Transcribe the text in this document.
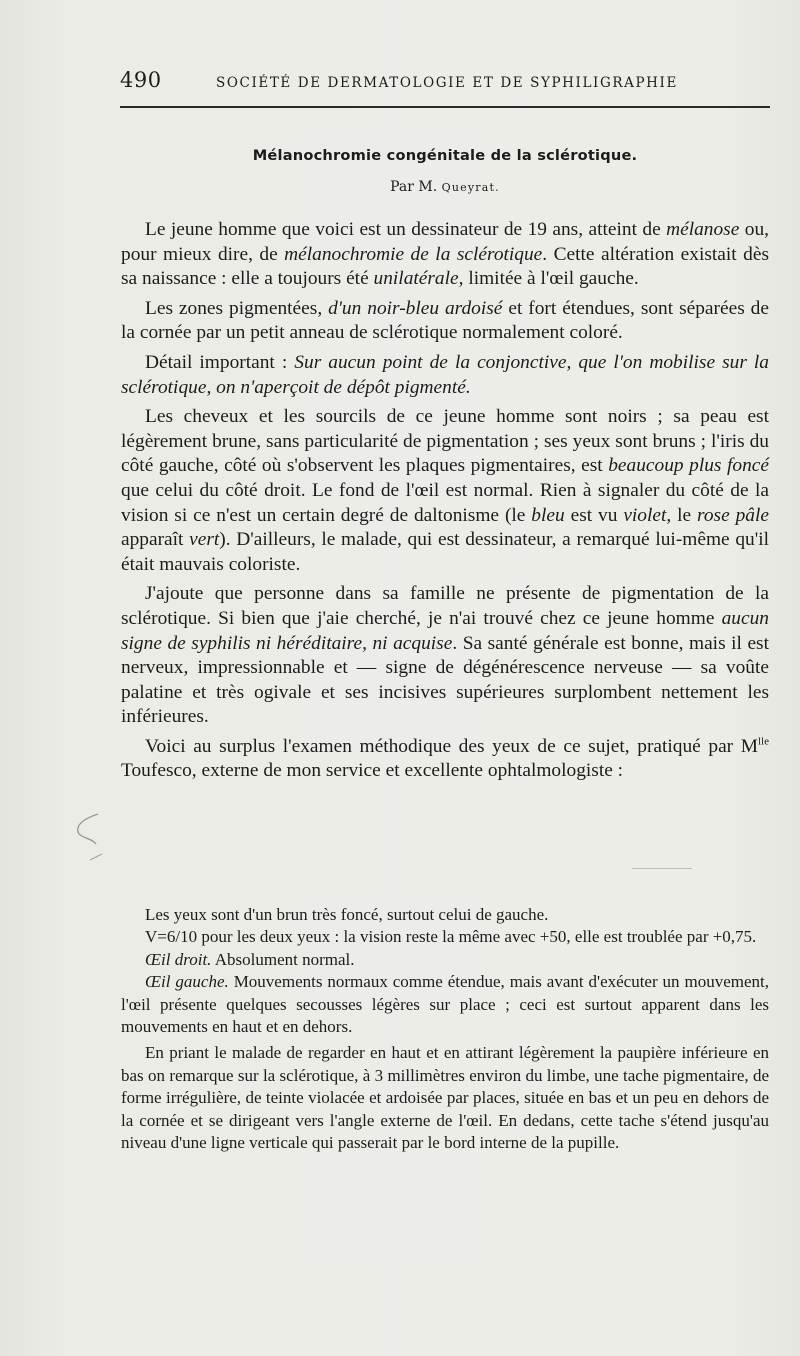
490	SOCIÉTÉ DE DERMATOLOGIE ET DE SYPHILIGRAPHIE
Mélanochromie congénitale de la sclérotique.
Par M. Queyrat.

Le jeune homme que voici est un dessinateur de 19 ans, atteint de mélanose ou, pour mieux dire, de mélanochromie de la sclérotique. Cette altération existait dès sa naissance : elle a toujours été unilatérale, limitée à l'œil gauche.

Les zones pigmentées, d'un noir-bleu ardoisé et fort étendues, sont séparées de la cornée par un petit anneau de sclérotique normalement coloré.

Détail important : Sur aucun point de la conjonctive, que l'on mobilise sur la sclérotique, on n'aperçoit de dépôt pigmenté.

Les cheveux et les sourcils de ce jeune homme sont noirs ; sa peau est légèrement brune, sans particularité de pigmentation ; ses yeux sont bruns ; l'iris du côté gauche, côté où s'observent les plaques pigmentaires, est beaucoup plus foncé que celui du côté droit. Le fond de l'œil est normal. Rien à signaler du côté de la vision si ce n'est un certain degré de daltonisme (le bleu est vu violet, le rose pâle apparaît vert). D'ailleurs, le malade, qui est dessinateur, a remarqué lui-même qu'il était mauvais coloriste.

J'ajoute que personne dans sa famille ne présente de pigmentation de la sclérotique. Si bien que j'aie cherché, je n'ai trouvé chez ce jeune homme aucun signe de syphilis ni héréditaire, ni acquise. Sa santé générale est bonne, mais il est nerveux, impressionnable et — signe de dégénérescence nerveuse — sa voûte palatine et très ogivale et ses incisives supérieures surplombent nettement les inférieures.

Voici au surplus l'examen méthodique des yeux de ce sujet, pratiqué par $M^{lle}$ Toufesco, externe de mon service et excellente ophtalmologiste :

Les yeux sont d'un brun très foncé, surtout celui de gauche.

V=6/10 pour les deux yeux : la vision reste la même avec +50, elle est troublée par +0,75.

Œil droit. Absolument normal.

Œil gauche. Mouvements normaux comme étendue, mais avant d'exécuter un mouvement, l'œil présente quelques secousses légères sur place ; ceci est surtout apparent dans les mouvements en haut et en dehors.

En priant le malade de regarder en haut et en attirant légèrement la paupière inférieure en bas on remarque sur la sclérotique, à 3 millimètres environ du limbe, une tache pigmentaire, de forme irrégulière, de teinte violacée et ardoisée par places, située en bas et un peu en dehors de la cornée et se dirigeant vers l'angle externe de l'œil. En dedans, cette tache s'étend jusqu'au niveau d'une ligne verticale qui passerait par le bord interne de la pupille.
